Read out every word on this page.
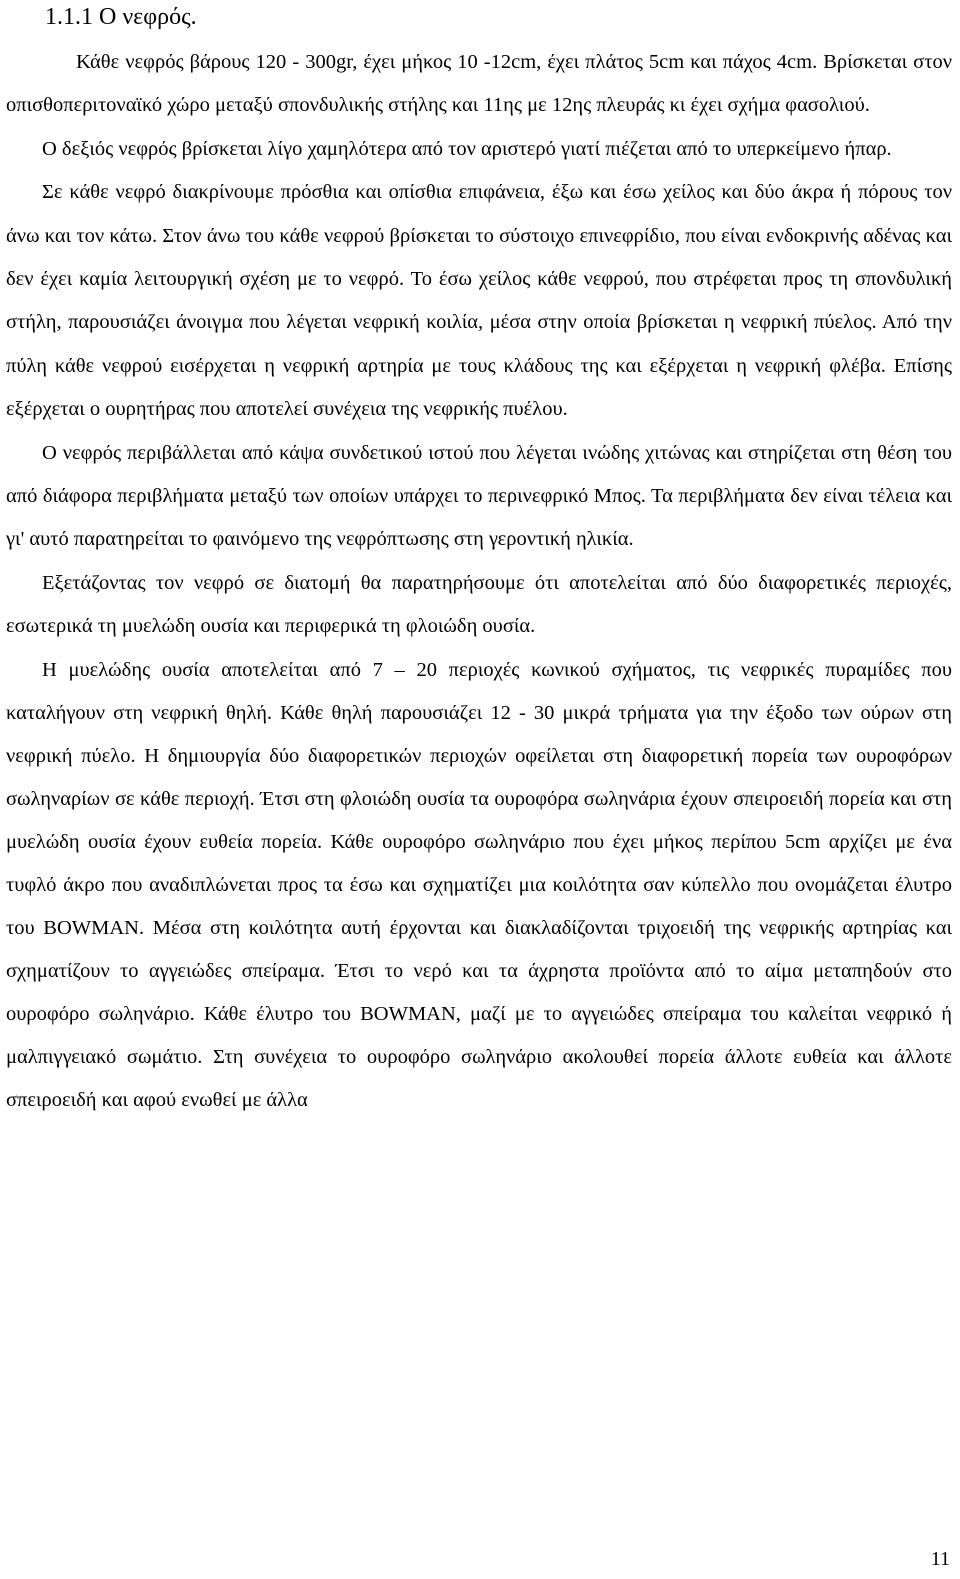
1.1.1 Ο νεφρός.

Κάθε νεφρός βάρους 120 - 300gr, έχει μήκος 10 -12cm, έχει πλάτος 5cm και πάχος 4cm. Βρίσκεται στον οπισθοπεριτοναϊκό χώρο μεταξύ σπονδυλικής στήλης και 11ης με 12ης πλευράς κι έχει σχήμα φασολιού.

Ο δεξιός νεφρός βρίσκεται λίγο χαμηλότερα από τον αριστερό γιατί πιέζεται από το υπερκείμενο ήπαρ.

Σε κάθε νεφρό διακρίνουμε πρόσθια και οπίσθια επιφάνεια, έξω και έσω χείλος και δύο άκρα ή πόρους τον άνω και τον κάτω. Στον άνω του κάθε νεφρού βρίσκεται το σύστοιχο επινεφρίδιο, που είναι ενδοκρινής αδένας και δεν έχει καμία λειτουργική σχέση με το νεφρό. Το έσω χείλος κάθε νεφρού, που στρέφεται προς τη σπονδυλική στήλη, παρουσιάζει άνοιγμα που λέγεται νεφρική κοιλία, μέσα στην οποία βρίσκεται η νεφρική πύελος. Από την πύλη κάθε νεφρού εισέρχεται η νεφρική αρτηρία με τους κλάδους της και εξέρχεται η νεφρική φλέβα. Επίσης εξέρχεται ο ουρητήρας που αποτελεί συνέχεια της νεφρικής πυέλου.

Ο νεφρός περιβάλλεται από κάψα συνδετικού ιστού που λέγεται ινώδης χιτώνας και στηρίζεται στη θέση του από διάφορα περιβλήματα μεταξύ των οποίων υπάρχει το περινεφρικό Μπος. Τα περιβλήματα δεν είναι τέλεια και γι' αυτό παρατηρείται το φαινόμενο της νεφρόπτωσης στη γεροντική ηλικία.

Εξετάζοντας τον νεφρό σε διατομή θα παρατηρήσουμε ότι αποτελείται από δύο διαφορετικές περιοχές, εσωτερικά τη μυελώδη ουσία και περιφερικά τη φλοιώδη ουσία.

Η μυελώδης ουσία αποτελείται από 7 – 20 περιοχές κωνικού σχήματος, τις νεφρικές πυραμίδες που καταλήγουν στη νεφρική θηλή. Κάθε θηλή παρουσιάζει 12 - 30 μικρά τρήματα για την έξοδο των ούρων στη νεφρική πύελο. Η δημιουργία δύο διαφορετικών περιοχών οφείλεται στη διαφορετική πορεία των ουροφόρων σωληναρίων σε κάθε περιοχή. Έτσι στη φλοιώδη ουσία τα ουροφόρα σωληνάρια έχουν σπειροειδή πορεία και στη μυελώδη ουσία έχουν ευθεία πορεία. Κάθε ουροφόρο σωληνάριο που έχει μήκος περίπου 5cm αρχίζει με ένα τυφλό άκρο που αναδιπλώνεται προς τα έσω και σχηματίζει μια κοιλότητα σαν κύπελλο που ονομάζεται έλυτρο του BOWMAN. Μέσα στη κοιλότητα αυτή έρχονται και διακλαδίζονται τριχοειδή της νεφρικής αρτηρίας και σχηματίζουν το αγγειώδες σπείραμα. Έτσι το νερό και τα άχρηστα προϊόντα από το αίμα μεταπηδούν στο ουροφόρο σωληνάριο. Κάθε έλυτρο του BOWMAN, μαζί με το αγγειώδες σπείραμα του καλείται νεφρικό ή μαλπιγγειακό σωμάτιο. Στη συνέχεια το ουροφόρο σωληνάριο ακολουθεί πορεία άλλοτε ευθεία και άλλοτε σπειροειδή και αφού ενωθεί με άλλα

11
